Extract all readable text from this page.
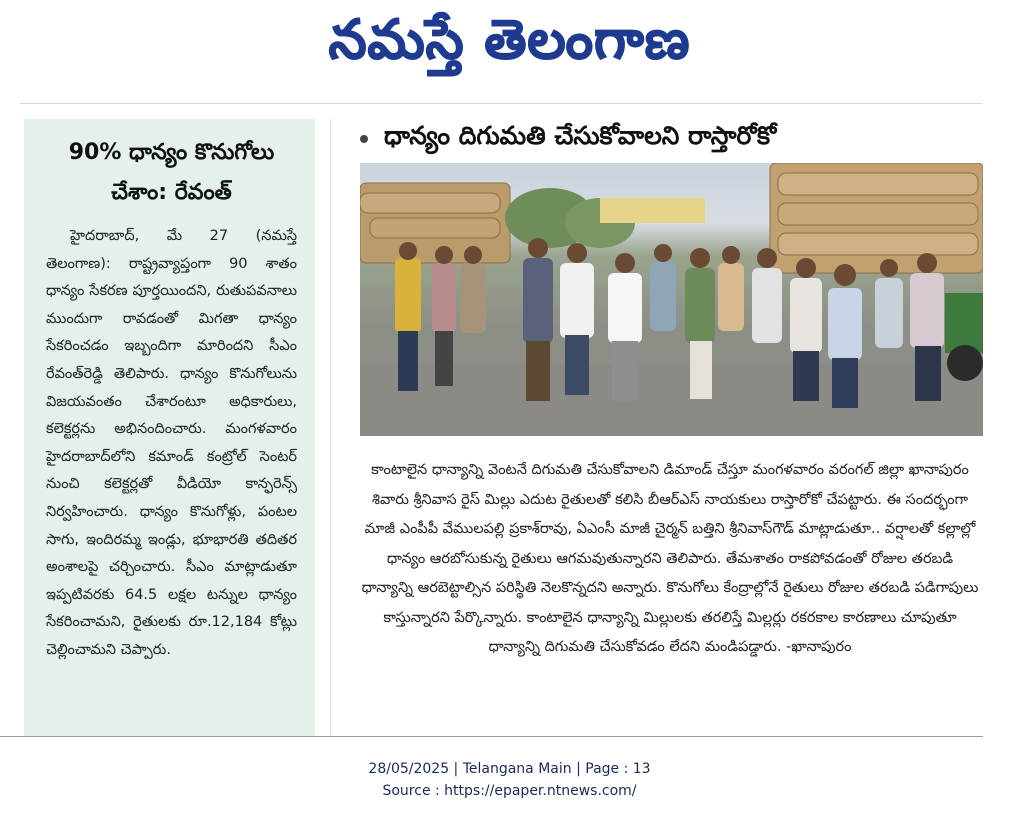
నమస్తే తెలంగాణ
90% ధాన్యం కొనుగోలు చేశాం: రేవంత్

హైదరాబాద్, మే 27 (నమస్తే తెలంగాణ): రాష్ట్రవ్యాప్తంగా 90 శాతం ధాన్యం సేకరణ పూర్తయిందని, రుతుపవనాలు ముందుగా రావడంతో మిగతా ధాన్యం సేకరించడం ఇబ్బందిగా మారిందని సీఎం రేవంత్‌రెడ్డి తెలిపారు. ధాన్యం కొనుగోలును విజయవంతం చేశారంటూ అధికారులు, కలెక్టర్లను అభినందించారు. మంగళవారం హైదరాబాద్‌లోని కమాండ్ కంట్రోల్ సెంటర్ నుంచి కలెక్టర్లతో వీడియో కాన్ఫరెన్స్ నిర్వహించారు. ధాన్యం కొనుగోళ్లు, పంటల సాగు, ఇందిరమ్మ ఇండ్లు, భూభారతి తదితర అంశాలపై చర్చించారు. సీఎం మాట్లాడుతూ ఇప్పటివరకు 64.5 లక్షల టన్నుల ధాన్యం సేకరించామని, రైతులకు రూ.12,184 కోట్లు చెల్లించామని చెప్పారు.

ధాన్యం దిగుమతి చేసుకోవాలని రాస్తారోకో

కాంటాలైన ధాన్యాన్ని వెంటనే దిగుమతి చేసుకోవాలని డిమాండ్ చేస్తూ మంగళవారం వరంగల్ జిల్లా ఖానాపురం శివారు శ్రీనివాస రైస్ మిల్లు ఎదుట రైతులతో కలిసి బీఆర్ఎస్ నాయకులు రాస్తారోకో చేపట్టారు. ఈ సందర్భంగా మాజీ ఎంపీపీ వేములపల్లి ప్రకాశ్‌రావు, ఏఎంసీ మాజీ చైర్మన్ బత్తిని శ్రీనివాస్‌గౌడ్ మాట్లాడుతూ.. వర్షాలతో కల్లాల్లో ధాన్యం ఆరబోసుకున్న రైతులు ఆగమవుతున్నారని తెలిపారు. తేమశాతం రాకపోవడంతో రోజుల తరబడి ధాన్యాన్ని ఆరబెట్టాల్సిన పరిస్థితి నెలకొన్నదని అన్నారు. కొనుగోలు కేంద్రాల్లోనే రైతులు రోజుల తరబడి పడిగాపులు కాస్తున్నారని పేర్కొన్నారు. కాంటాలైన ధాన్యాన్ని మిల్లులకు తరలిస్తే మిల్లర్లు రకరకాల కారణాలు చూపుతూ ధాన్యాన్ని దిగుమతి చేసుకోవడం లేదని మండిపడ్డారు. -ఖానాపురం

28/05/2025 | Telangana Main | Page : 13
Source : https://epaper.ntnews.com/
